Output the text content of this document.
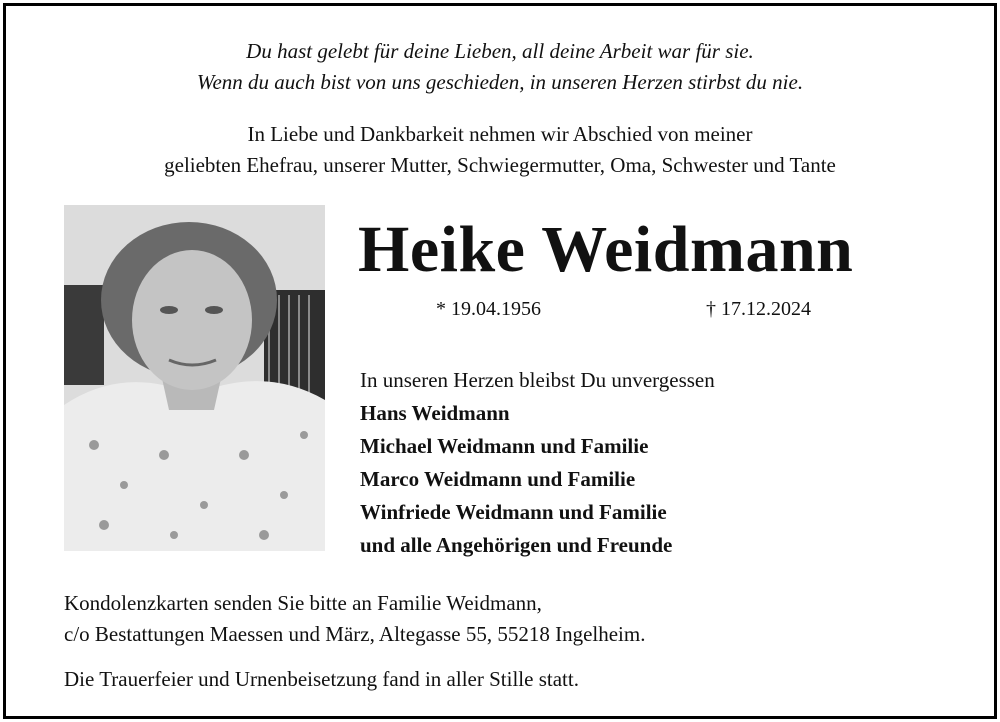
Du hast gelebt für deine Lieben, all deine Arbeit war für sie.
Wenn du auch bist von uns geschieden, in unseren Herzen stirbst du nie.
In Liebe und Dankbarkeit nehmen wir Abschied von meiner
geliebten Ehefrau, unserer Mutter, Schwiegermutter, Oma, Schwester und Tante
Heike Weidmann
* 19.04.1956	† 17.12.2024
In unseren Herzen bleibst Du unvergessen
Hans Weidmann
Michael Weidmann und Familie
Marco Weidmann und Familie
Winfriede Weidmann und Familie
und alle Angehörigen und Freunde
Kondolenzkarten senden Sie bitte an Familie Weidmann,
c/o Bestattungen Maessen und März, Altegasse 55, 55218 Ingelheim.
Die Trauerfeier und Urnenbeisetzung fand in aller Stille statt.
